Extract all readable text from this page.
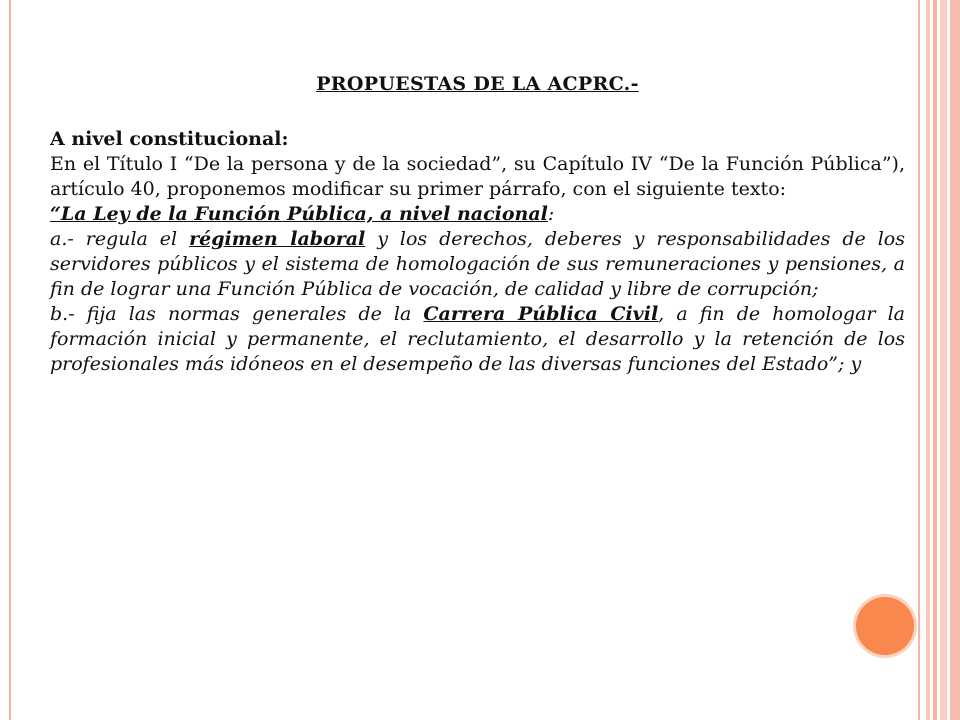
PROPUESTAS DE LA ACPRC.-

A nivel constitucional:

En el Título I “De la persona y de la sociedad”, su Capítulo IV “De la Función Pública”), artículo 40, proponemos modificar su primer párrafo, con el siguiente texto:

“La Ley de la Función Pública, a nivel nacional:

a.- regula el régimen laboral y los derechos, deberes y responsabilidades de los servidores públicos y el sistema de homologación de sus remuneraciones y pensiones, a fin de lograr una Función Pública de vocación, de calidad y libre de corrupción;

b.- fija las normas generales de la Carrera Pública Civil, a fin de homologar la formación inicial y permanente, el reclutamiento, el desarrollo y la retención de los profesionales más idóneos en el desempeño de las diversas funciones del Estado”; y
